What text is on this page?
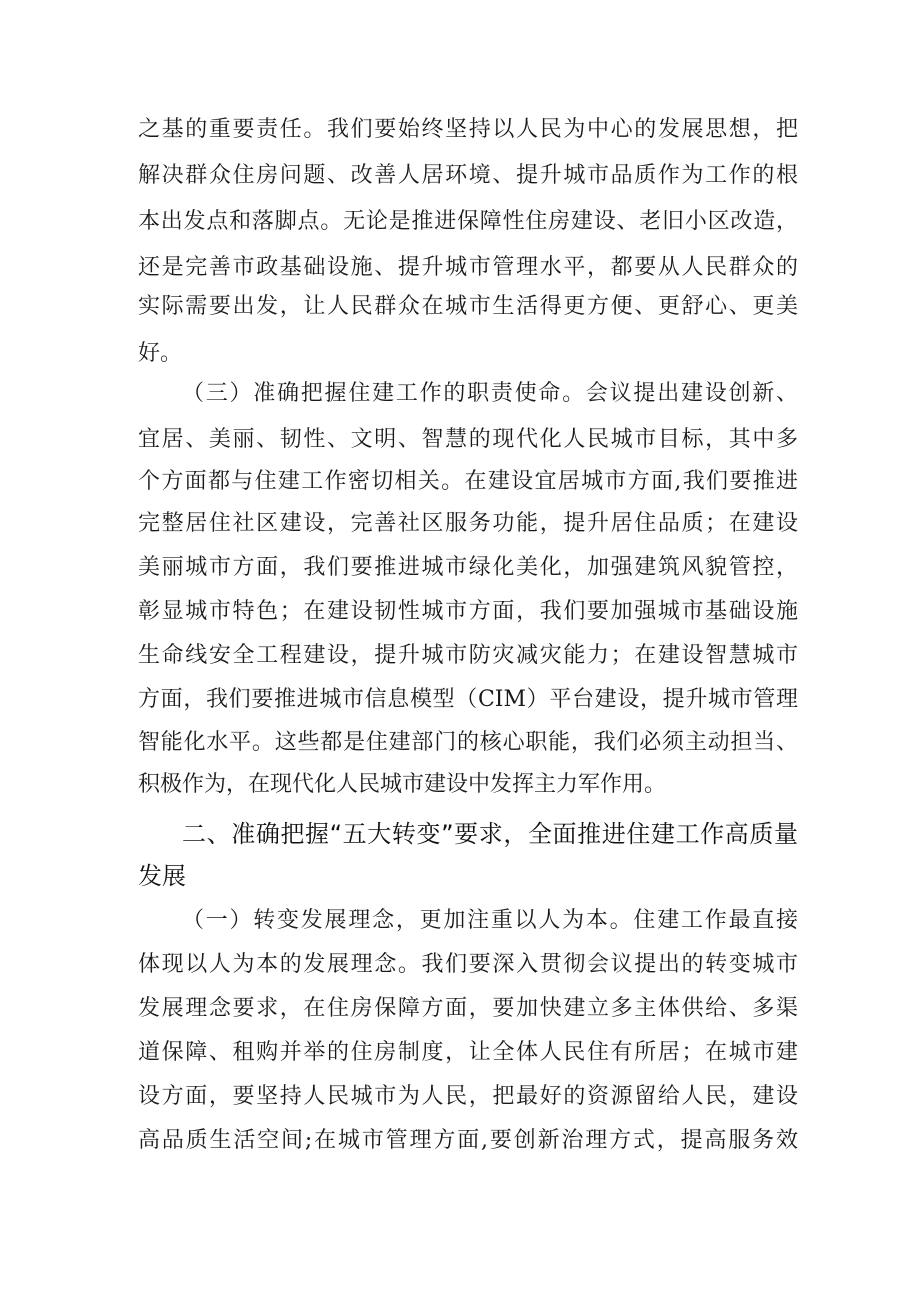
之基的重要责任。我们要始终坚持以人民为中心的发展思想，把
解决群众住房问题、改善人居环境、提升城市品质作为工作的根
本出发点和落脚点。无论是推进保障性住房建设、老旧小区改造，
还是完善市政基础设施、提升城市管理水平，都要从人民群众的
实际需要出发，让人民群众在城市生活得更方便、更舒心、更美
好。
（三）准确把握住建工作的职责使命。会议提出建设创新、
宜居、美丽、韧性、文明、智慧的现代化人民城市目标，其中多
个方面都与住建工作密切相关。在建设宜居城市方面,我们要推进
完整居住社区建设，完善社区服务功能，提升居住品质；在建设
美丽城市方面，我们要推进城市绿化美化，加强建筑风貌管控，
彰显城市特色；在建设韧性城市方面，我们要加强城市基础设施
生命线安全工程建设，提升城市防灾减灾能力；在建设智慧城市
方面，我们要推进城市信息模型（CIM）平台建设，提升城市管理
智能化水平。这些都是住建部门的核心职能，我们必须主动担当、
积极作为，在现代化人民城市建设中发挥主力军作用。
二、准确把握“五大转变”要求，全面推进住建工作高质量
发展
（一）转变发展理念，更加注重以人为本。住建工作最直接
体现以人为本的发展理念。我们要深入贯彻会议提出的转变城市
发展理念要求，在住房保障方面，要加快建立多主体供给、多渠
道保障、租购并举的住房制度，让全体人民住有所居；在城市建
设方面，要坚持人民城市为人民，把最好的资源留给人民，建设
高品质生活空间;在城市管理方面,要创新治理方式，提高服务效
